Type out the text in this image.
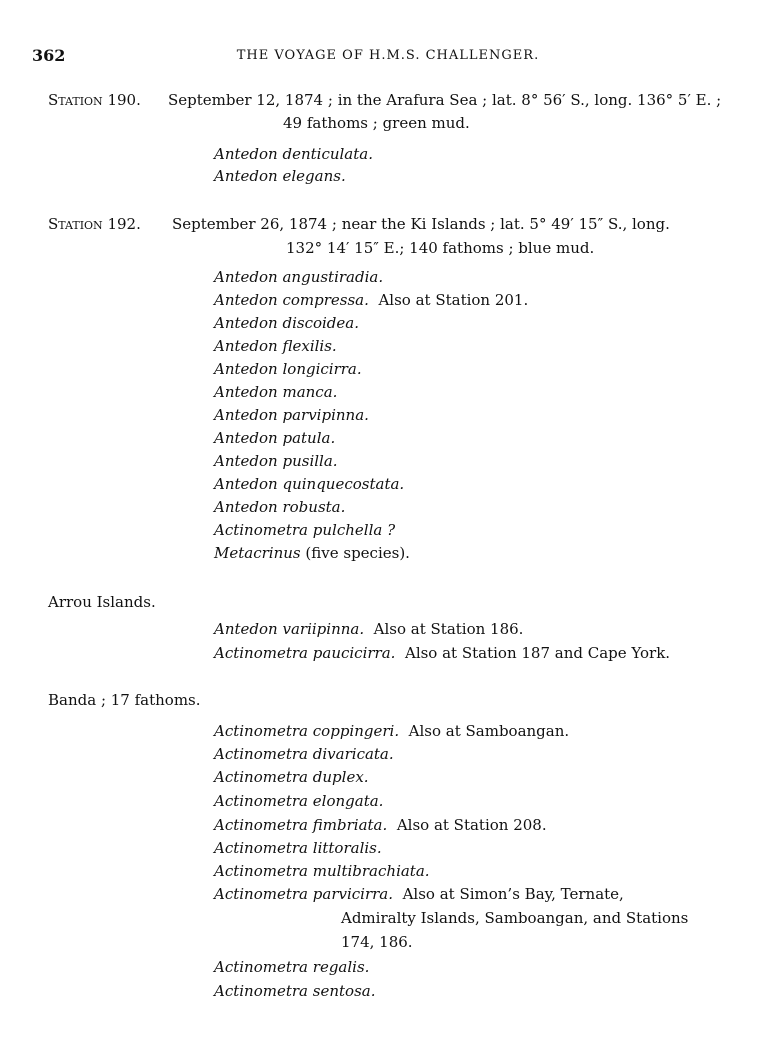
362	THE VOYAGE OF H.M.S. CHALLENGER.
Station 190. September 12, 1874 ; in the Arafura Sea ; lat. 8° 56′ S., long. 136° 5′ E. ;
49 fathoms ; green mud.
Antedon denticulata.
Antedon elegans.
Station 192. September 26, 1874 ; near the Ki Islands ; lat. 5° 49′ 15″ S., long.
132° 14′ 15″ E.; 140 fathoms ; blue mud.
Antedon angustiradia.
Antedon compressa. Also at Station 201.
Antedon discoidea.
Antedon flexilis.
Antedon longicirra.
Antedon manca.
Antedon parvipinna.
Antedon patula.
Antedon pusilla.
Antedon quinquecostata.
Antedon robusta.
Actinometra pulchella ?
Metacrinus (five species).
Arrou Islands.
Antedon variipinna. Also at Station 186.
Actinometra paucicirra. Also at Station 187 and Cape York.
Banda ; 17 fathoms.
Actinometra coppingeri. Also at Samboangan.
Actinometra divaricata.
Actinometra duplex.
Actinometra elongata.
Actinometra fimbriata. Also at Station 208.
Actinometra littoralis.
Actinometra multibrachiata.
Actinometra parvicirra. Also at Simon’s Bay, Ternate,
Admiralty Islands, Samboangan, and Stations
174, 186.
Actinometra regalis.
Actinometra sentosa.
